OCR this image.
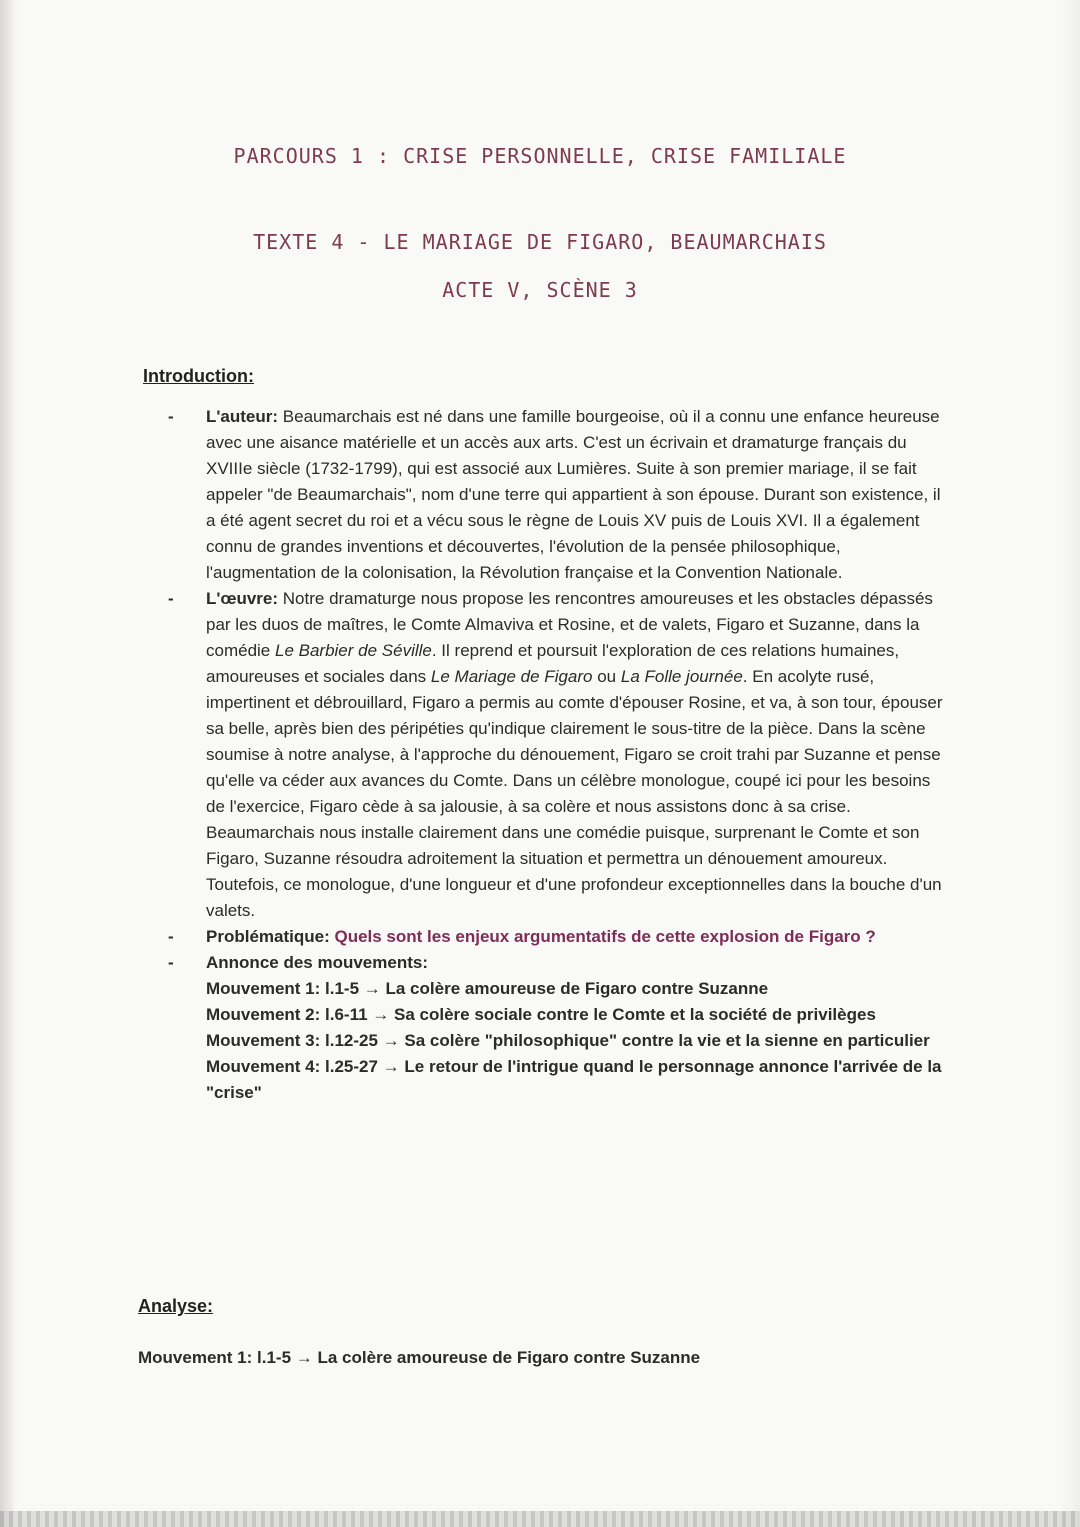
PARCOURS 1 : CRISE PERSONNELLE, CRISE FAMILIALE
TEXTE 4 - LE MARIAGE DE FIGARO, BEAUMARCHAIS
ACTE V, SCÈNE 3
Introduction:

-	L'auteur: Beaumarchais est né dans une famille bourgeoise, où il a connu une enfance heureuse avec une aisance matérielle et un accès aux arts. C'est un écrivain et dramaturge français du XVIIIe siècle (1732-1799), qui est associé aux Lumières. Suite à son premier mariage, il se fait appeler "de Beaumarchais", nom d'une terre qui appartient à son épouse. Durant son existence, il a été agent secret du roi et a vécu sous le règne de Louis XV puis de Louis XVI. Il a également connu de grandes inventions et découvertes, l'évolution de la pensée philosophique, l'augmentation de la colonisation, la Révolution française et la Convention Nationale.

-	L'œuvre: Notre dramaturge nous propose les rencontres amoureuses et les obstacles dépassés par les duos de maîtres, le Comte Almaviva et Rosine, et de valets, Figaro et Suzanne, dans la comédie Le Barbier de Séville. Il reprend et poursuit l'exploration de ces relations humaines, amoureuses et sociales dans Le Mariage de Figaro ou La Folle journée. En acolyte rusé, impertinent et débrouillard, Figaro a permis au comte d'épouser Rosine, et va, à son tour, épouser sa belle, après bien des péripéties qu'indique clairement le sous-titre de la pièce. Dans la scène soumise à notre analyse, à l'approche du dénouement, Figaro se croit trahi par Suzanne et pense qu'elle va céder aux avances du Comte. Dans un célèbre monologue, coupé ici pour les besoins de l'exercice, Figaro cède à sa jalousie, à sa colère et nous assistons donc à sa crise. Beaumarchais nous installe clairement dans une comédie puisque, surprenant le Comte et son Figaro, Suzanne résoudra adroitement la situation et permettra un dénouement amoureux. Toutefois, ce monologue, d'une longueur et d'une profondeur exceptionnelles dans la bouche d'un valets.

-	Problématique: Quels sont les enjeux argumentatifs de cette explosion de Figaro ?

-	Annonce des mouvements:
Mouvement 1: l.1-5 → La colère amoureuse de Figaro contre Suzanne
Mouvement 2: l.6-11 → Sa colère sociale contre le Comte et la société de privilèges
Mouvement 3: l.12-25 → Sa colère "philosophique" contre la vie et la sienne en particulier
Mouvement 4: l.25-27 → Le retour de l'intrigue quand le personnage annonce l'arrivée de la "crise"

Analyse:
Mouvement 1: l.1-5 → La colère amoureuse de Figaro contre Suzanne
